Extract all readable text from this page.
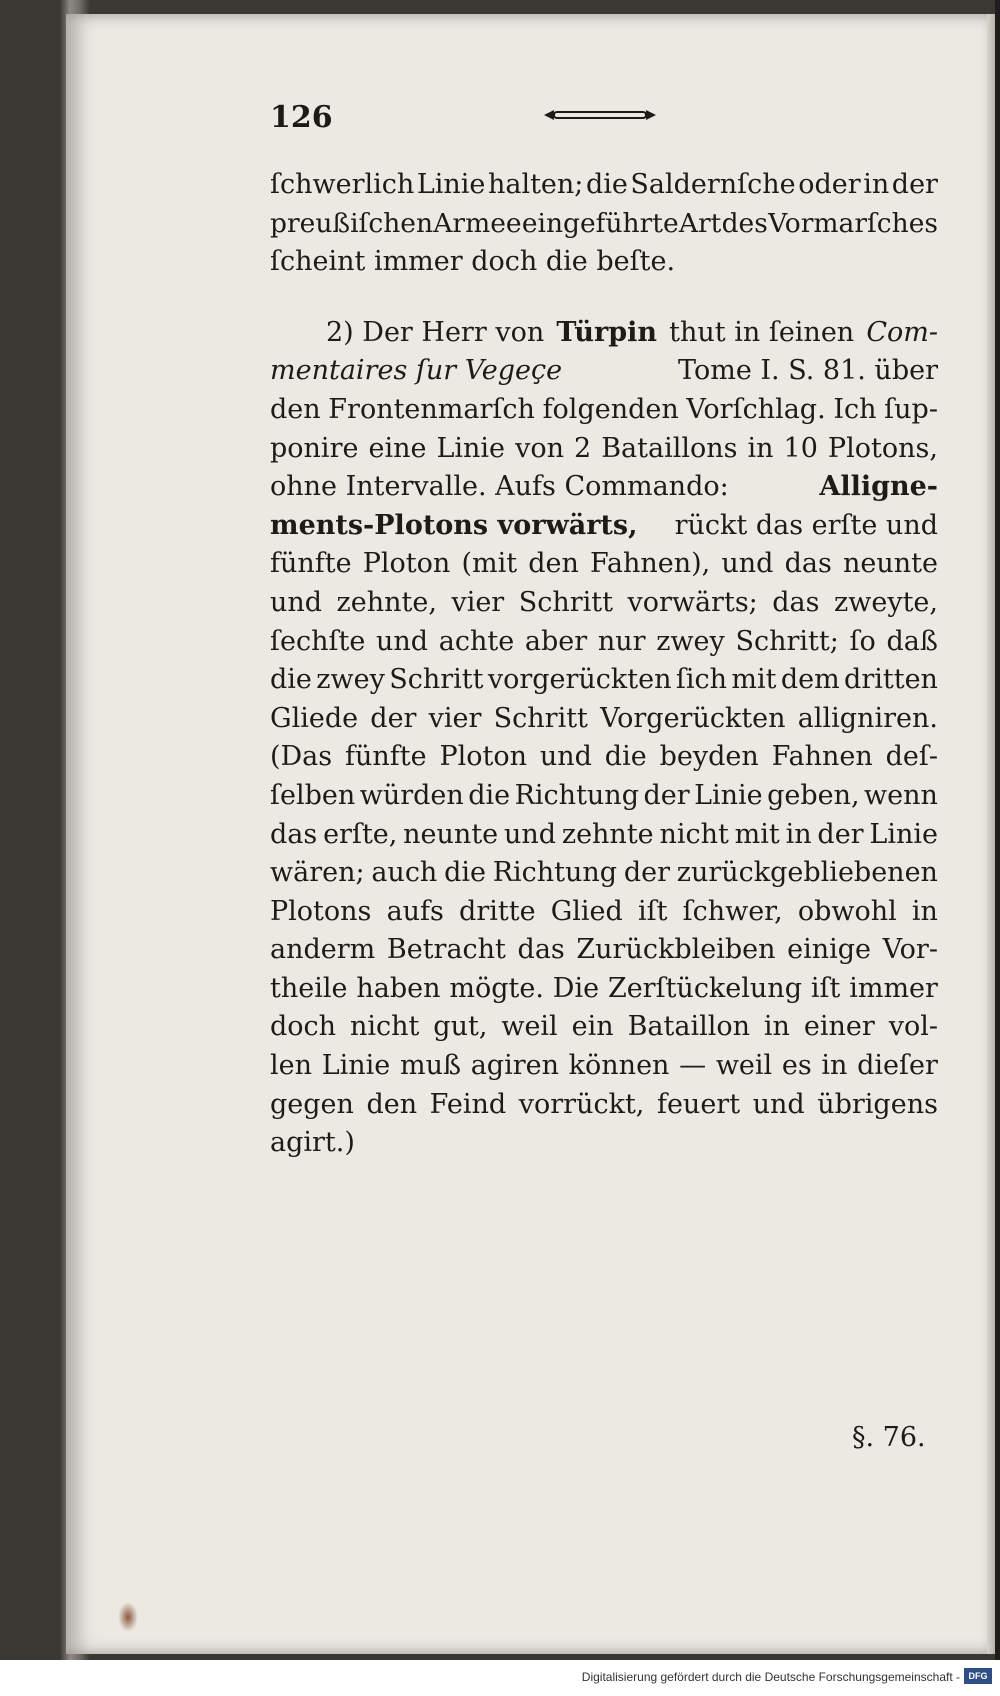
126
ſchwerlich Linie halten; die Saldernſche oder in der
preußiſchen Armee eingeführte Art des Vormarſches
ſcheint immer doch die beſte.
2) Der Herr von Türpin thut in ſeinen Com-
mentaires ſur Vegeçe	Tome I. S. 81. über
den Frontenmarſch folgenden Vorſchlag. Ich ſup-
ponire eine Linie von 2 Bataillons in 10 Plotons,
ohne Intervalle. Aufs Commando:	Alligne-
ments-Plotons vorwärts, rückt das erſte und
fünfte Ploton (mit den Fahnen), und das neunte
und zehnte, vier Schritt vorwärts; das zweyte,
ſechſte und achte aber nur zwey Schritt; ſo daß
die zwey Schritt vorgerückten ſich mit dem dritten
Gliede der vier Schritt Vorgerückten alligniren.
(Das fünfte Ploton und die beyden Fahnen deſ-
ſelben würden die Richtung der Linie geben, wenn
das erſte, neunte und zehnte nicht mit in der Linie
wären; auch die Richtung der zurückgebliebenen
Plotons aufs dritte Glied iſt ſchwer, obwohl in
anderm Betracht das Zurückbleiben einige Vor-
theile haben mögte. Die Zerſtückelung iſt immer
doch nicht gut, weil ein Bataillon in einer vol-
len Linie muß agiren können — weil es in dieſer
gegen den Feind vorrückt, feuert und übrigens
agirt.)
§. 76.
Digitalisierung gefördert durch die Deutsche Forschungsgemeinschaft - DFG
